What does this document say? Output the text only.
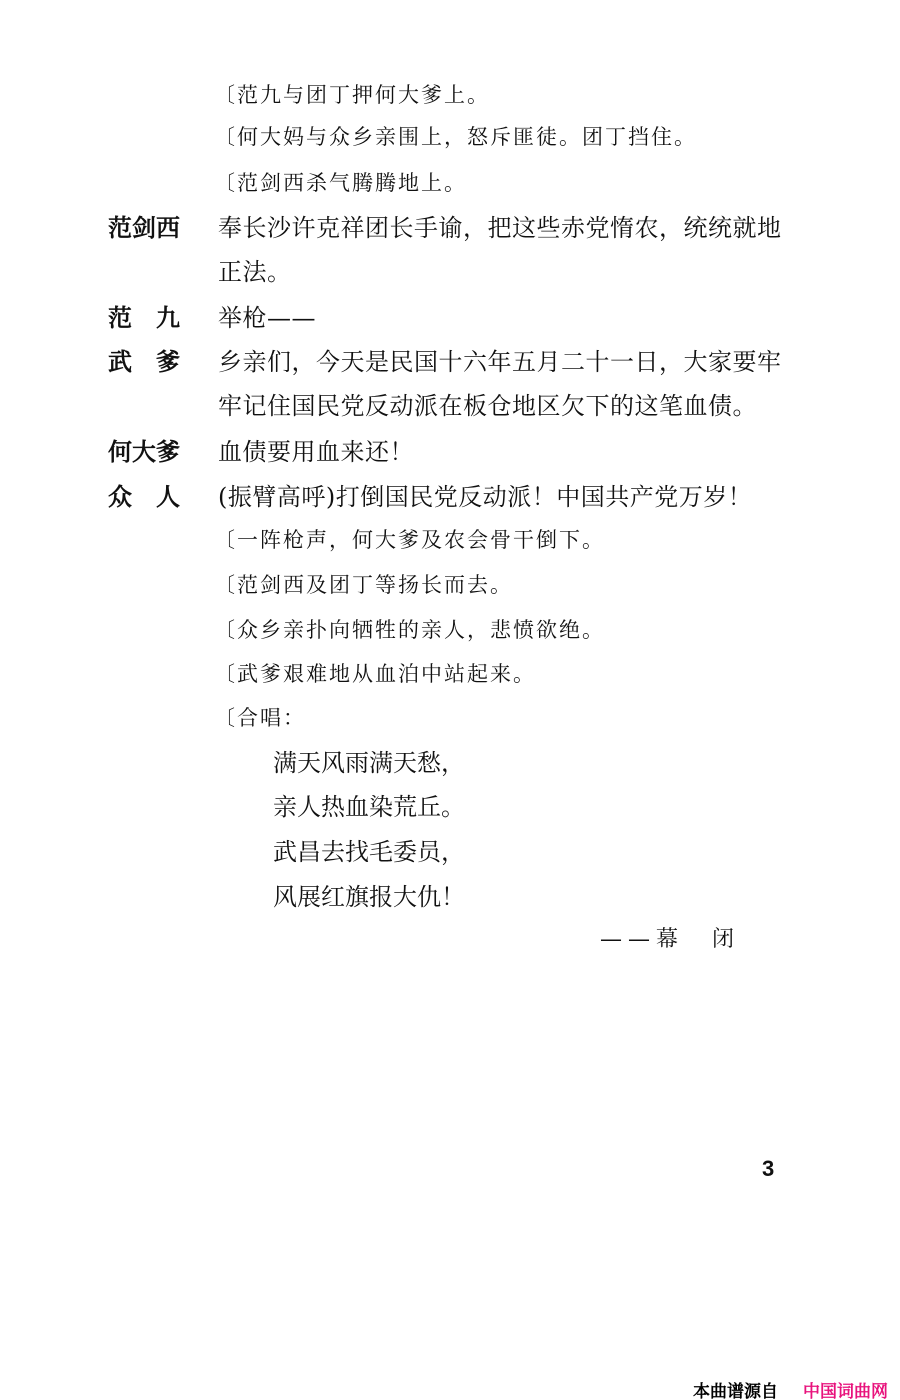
〔范九与团丁押何大爹上。
〔何大妈与众乡亲围上，怒斥匪徒。团丁挡住。
〔范剑西杀气腾腾地上。
范剑西 奉长沙许克祥团长手谕，把这些赤党惰农，统统就地
正法。
范　九 举枪——
武　爹 乡亲们，今天是民国十六年五月二十一日，大家要牢
牢记住国民党反动派在板仓地区欠下的这笔血债。
何大爹 血债要用血来还！
众　人 (振臂高呼)打倒国民党反动派！中国共产党万岁！
〔一阵枪声，何大爹及农会骨干倒下。
〔范剑西及团丁等扬长而去。
〔众乡亲扑向牺牲的亲人，悲愤欲绝。
〔武爹艰难地从血泊中站起来。
〔合唱：
满天风雨满天愁，
亲人热血染荒丘。
武昌去找毛委员，
风展红旗报大仇！
——幕　闭
3
本曲谱源自 中国词曲网
